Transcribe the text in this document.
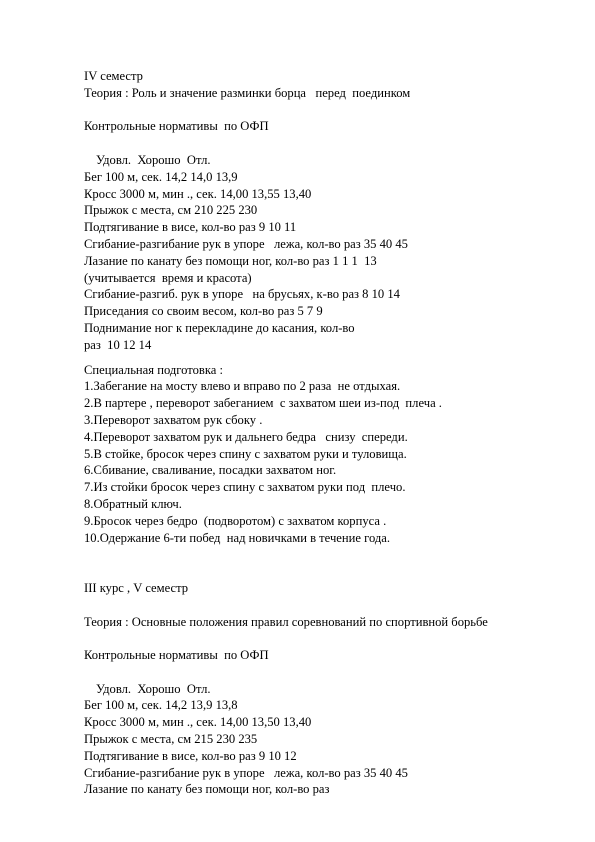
IV семестр
Теория : Роль и значение разминки борца   перед  поединком
Контрольные нормативы  по ОФП
Удовл.  Хорошо  Отл.
Бег 100 м, сек. 14,2 14,0 13,9
Кросс 3000 м, мин ., сек. 14,00 13,55 13,40
Прыжок с места, см 210 225 230
Подтягивание в висе, кол-во раз 9 10 11
Сгибание-разгибание рук в упоре   лежа, кол-во раз 35 40 45
Лазание по канату без помощи ног, кол-во раз 1 1 1  13
(учитывается  время и красота)
Сгибание-разгиб. рук в упоре   на брусьях, к-во раз 8 10 14
Приседания со своим весом, кол-во раз 5 7 9
Поднимание ног к перекладине до касания, кол-во
раз  10 12 14
Специальная подготовка :
1.Забегание на мосту влево и вправо по 2 раза  не отдыхая.
2.В партере , переворот забеганием  с захватом шеи из-под  плеча .
3.Переворот захватом рук сбоку .
4.Переворот захватом рук и дальнего бедра   снизу  спереди.
5.В стойке, бросок через спину с захватом руки и туловища.
6.Сбивание, сваливание, посадки захватом ног.
7.Из стойки бросок через спину с захватом руки под  плечо.
8.Обратный ключ.
9.Бросок через бедро  (подворотом) с захватом корпуса .
10.Одержание 6-ти побед  над новичками в течение года.
III курс , V семестр
Теория : Основные положения правил соревнований по спортивной борьбе
Контрольные нормативы  по ОФП
Удовл.  Хорошо  Отл.
Бег 100 м, сек. 14,2 13,9 13,8
Кросс 3000 м, мин ., сек. 14,00 13,50 13,40
Прыжок с места, см 215 230 235
Подтягивание в висе, кол-во раз 9 10 12
Сгибание-разгибание рук в упоре   лежа, кол-во раз 35 40 45
Лазание по канату без помощи ног, кол-во раз
